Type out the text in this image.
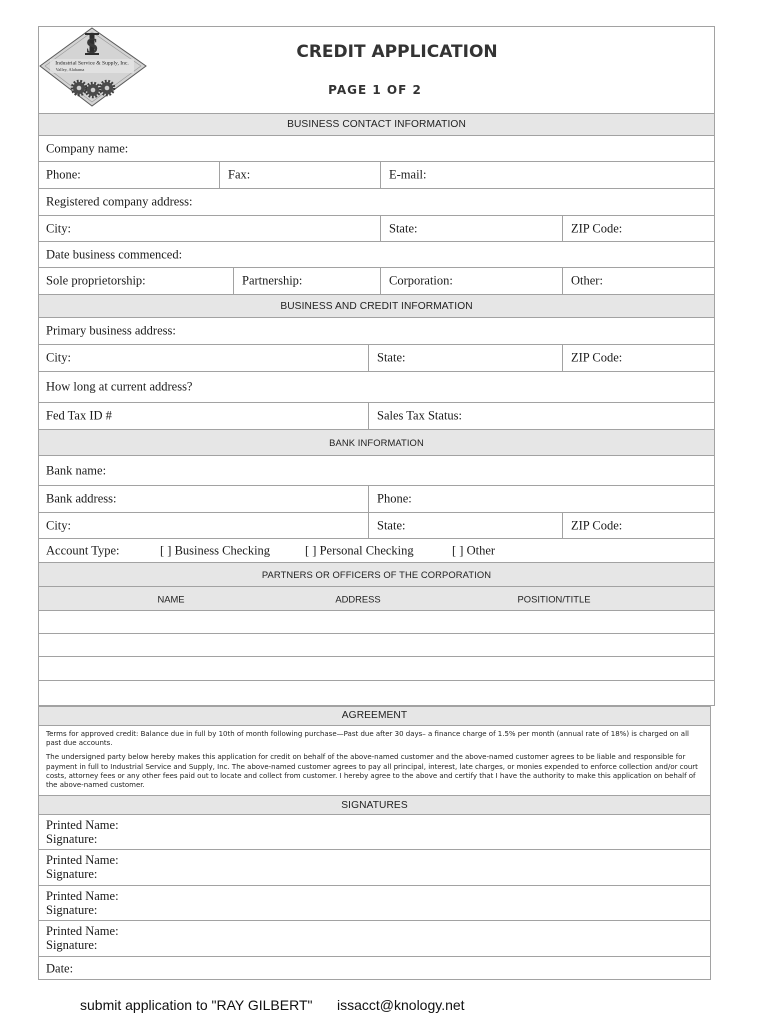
S
Industrial Service & Supply, Inc.
Valley, Alabama
CREDIT APPLICATION
PAGE 1 OF 2
BUSINESS CONTACT INFORMATION
Company name:
Phone:	Fax:	E-mail:
Registered company address:
City:	State:	ZIP Code:
Date business commenced:
Sole proprietorship:	Partnership:	Corporation:	Other:
BUSINESS AND CREDIT INFORMATION
Primary business address:
City:	State:	ZIP Code:
How long at current address?
Fed Tax ID #	Sales Tax Status:
BANK INFORMATION
Bank name:
Bank address:	Phone:
City:	State:	ZIP Code:
Account Type:	[ ] Business Checking	[ ] Personal Checking	[ ] Other
PARTNERS OR OFFICERS OF THE CORPORATION
NAME	ADDRESS	POSITION/TITLE
AGREEMENT

Terms for approved credit: Balance due in full by 10th of month following purchase—Past due after 30 days– a finance charge of 1.5% per month (annual rate of 18%) is charged on all past due accounts.

The undersigned party below hereby makes this application for credit on behalf of the above-named customer and the above-named customer agrees to be liable and responsible for payment in full to Industrial Service and Supply, Inc. The above-named customer agrees to pay all principal, interest, late charges, or monies expended to enforce collection and/or court costs, attorney fees or any other fees paid out to locate and collect from customer. I hereby agree to the above and certify that I have the authority to make this application on behalf of the above-named customer.

SIGNATURES
Printed Name:
Signature:
Printed Name:
Signature:
Printed Name:
Signature:
Printed Name:
Signature:
Date:
submit application to "RAY GILBERT" issacct@knology.net
